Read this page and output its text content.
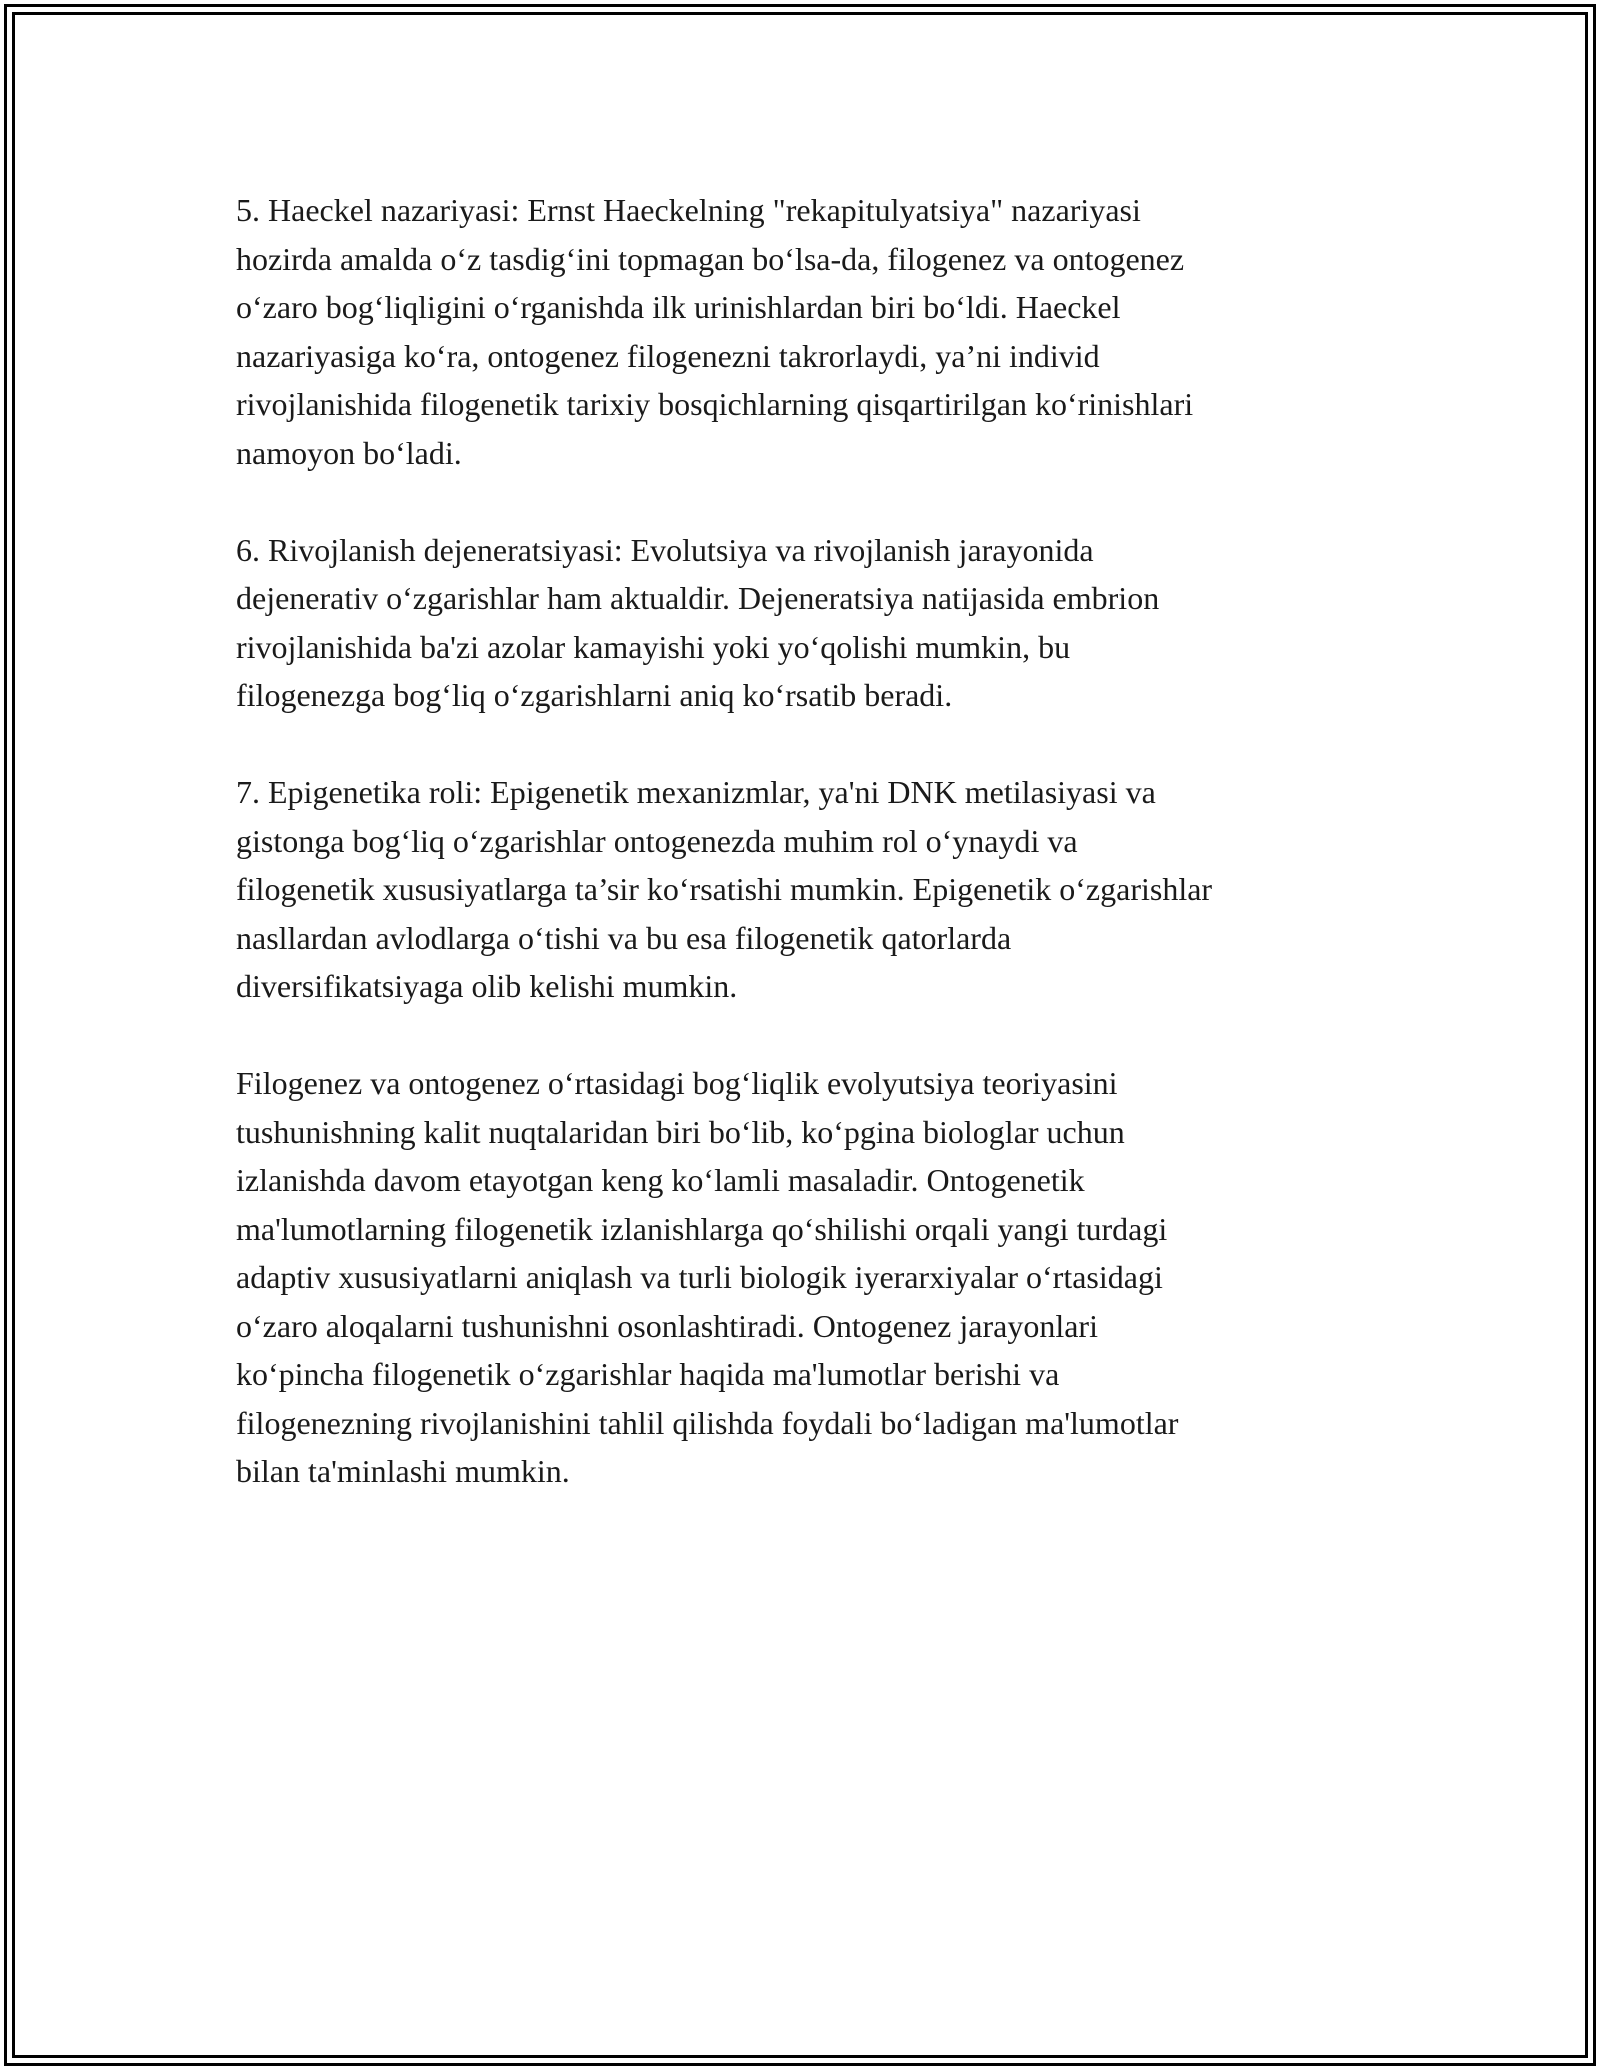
5. Haeckel nazariyasi: Ernst Haeckelning "rekapitulyatsiya" nazariyasi
hozirda amalda o‘z tasdig‘ini topmagan bo‘lsa-da, filogenez va ontogenez
o‘zaro bog‘liqligini o‘rganishda ilk urinishlardan biri bo‘ldi. Haeckel
nazariyasiga ko‘ra, ontogenez filogenezni takrorlaydi, ya’ni individ
rivojlanishida filogenetik tarixiy bosqichlarning qisqartirilgan ko‘rinishlari
namoyon bo‘ladi.

6. Rivojlanish dejeneratsiyasi: Evolutsiya va rivojlanish jarayonida
dejenerativ o‘zgarishlar ham aktualdir. Dejeneratsiya natijasida embrion
rivojlanishida ba'zi azolar kamayishi yoki yo‘qolishi mumkin, bu
filogenezga bog‘liq o‘zgarishlarni aniq ko‘rsatib beradi.

7. Epigenetika roli: Epigenetik mexanizmlar, ya'ni DNK metilasiyasi va
gistonga bog‘liq o‘zgarishlar ontogenezda muhim rol o‘ynaydi va
filogenetik xususiyatlarga ta’sir ko‘rsatishi mumkin. Epigenetik o‘zgarishlar
nasllardan avlodlarga o‘tishi va bu esa filogenetik qatorlarda
diversifikatsiyaga olib kelishi mumkin.

Filogenez va ontogenez o‘rtasidagi bog‘liqlik evolyutsiya teoriyasini
tushunishning kalit nuqtalaridan biri bo‘lib, ko‘pgina biologlar uchun
izlanishda davom etayotgan keng ko‘lamli masaladir. Ontogenetik
ma'lumotlarning filogenetik izlanishlarga qo‘shilishi orqali yangi turdagi
adaptiv xususiyatlarni aniqlash va turli biologik iyerarxiyalar o‘rtasidagi
o‘zaro aloqalarni tushunishni osonlashtiradi. Ontogenez jarayonlari
ko‘pincha filogenetik o‘zgarishlar haqida ma'lumotlar berishi va
filogenezning rivojlanishini tahlil qilishda foydali bo‘ladigan ma'lumotlar
bilan ta'minlashi mumkin.
